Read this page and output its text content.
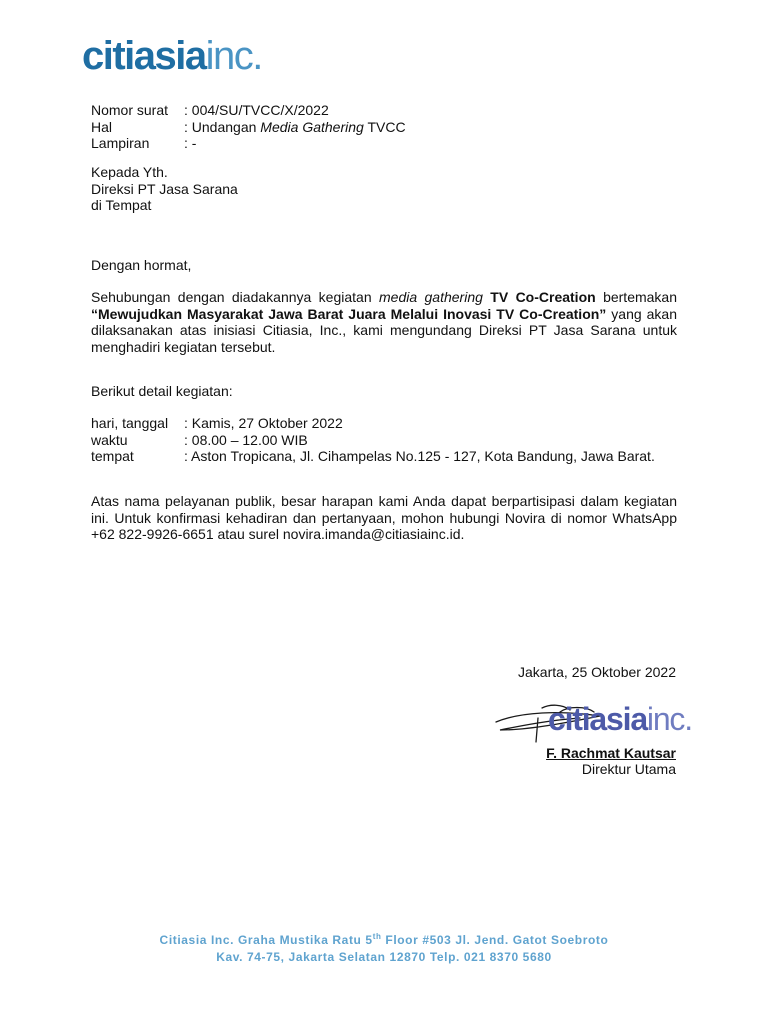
citiasiainc.
Nomor surat	: 004/SU/TVCC/X/2022
Hal	: Undangan Media Gathering TVCC
Lampiran	: -
Kepada Yth.
Direksi PT Jasa Sarana
di Tempat
Dengan hormat,
Sehubungan dengan diadakannya kegiatan media gathering TV Co-Creation bertemakan “Mewujudkan Masyarakat Jawa Barat Juara Melalui Inovasi TV Co-Creation” yang akan dilaksanakan atas inisiasi Citiasia, Inc., kami mengundang Direksi PT Jasa Sarana untuk menghadiri kegiatan tersebut.
Berikut detail kegiatan:
hari, tanggal	: Kamis, 27 Oktober 2022
waktu	: 08.00 – 12.00 WIB
tempat	: Aston Tropicana, Jl. Cihampelas No.125 - 127, Kota Bandung, Jawa Barat.
Atas nama pelayanan publik, besar harapan kami Anda dapat berpartisipasi dalam kegiatan ini. Untuk konfirmasi kehadiran dan pertanyaan, mohon hubungi Novira di nomor WhatsApp +62 822-9926-6651 atau surel novira.imanda@citiasiainc.id.
Jakarta, 25 Oktober 2022
citiasiainc.
F. Rachmat Kautsar
Direktur Utama
Citiasia Inc. Graha Mustika Ratu 5th Floor #503 Jl. Jend. Gatot Soebroto
Kav. 74-75, Jakarta Selatan 12870 Telp. 021 8370 5680
